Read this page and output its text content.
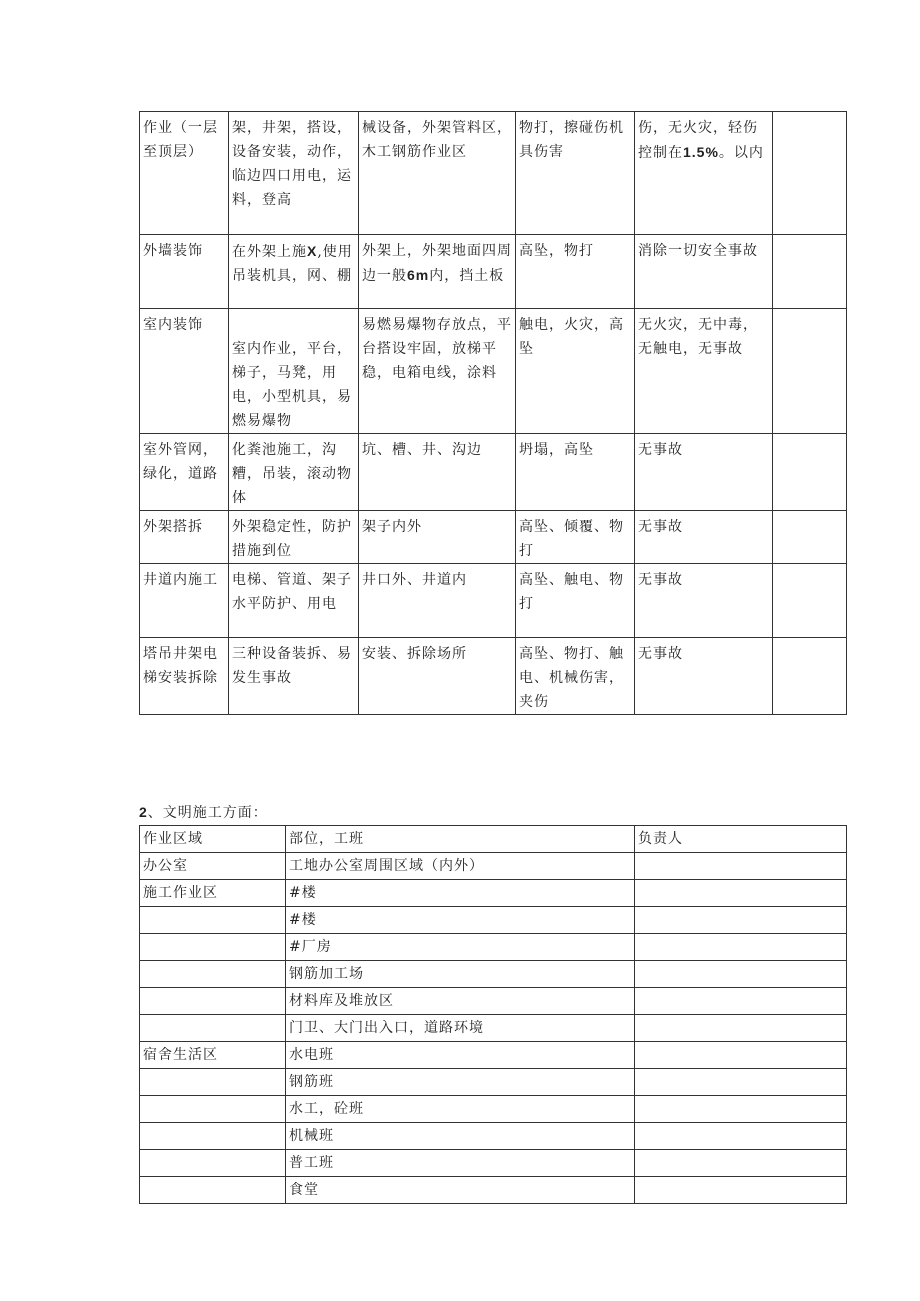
作业（一层至顶层）	架，井架，搭设，设备安装，动作，临边四口用电，运料，登高	械设备，外架管料区，木工钢筋作业区	物打，擦碰伤机具伤害	伤，无火灾，轻伤控制在1.5%。以内	
外墙装饰	在外架上施X,使用吊装机具，网、棚	外架上，外架地面四周边一般6m内，挡土板	高坠，物打	消除一切安全事故	
室内装饰	室内作业，平台，梯子，马凳，用电，小型机具，易燃易爆物	易燃易爆物存放点，平台搭设牢固，放梯平稳，电箱电线，涂料	触电，火灾，高坠	无火灾，无中毒，无触电，无事故	
室外管网，绿化，道路	化粪池施工，沟糟，吊装，滚动物体	坑、槽、井、沟边	坍塌，高坠	无事故	
外架搭拆	外架稳定性，防护措施到位	架子内外	高坠、倾覆、物打	无事故	
井道内施工	电梯、管道、架子水平防护、用电	井口外、井道内	高坠、触电、物打	无事故	
塔吊井架电梯安装拆除	三种设备装拆、易发生事故	安装、拆除场所	高坠、物打、触电、机械伤害，夹伤	无事故	
2、文明施工方面：
作业区域	部位，工班	负责人
办公室	工地办公室周围区域（内外）	
施工作业区	#楼	
	#楼	
	#厂房	
	钢筋加工场	
	材料库及堆放区	
	门卫、大门出入口，道路环境	
宿舍生活区	水电班	
	钢筋班	
	水工，砼班	
	机械班	
	普工班	
	食堂	
